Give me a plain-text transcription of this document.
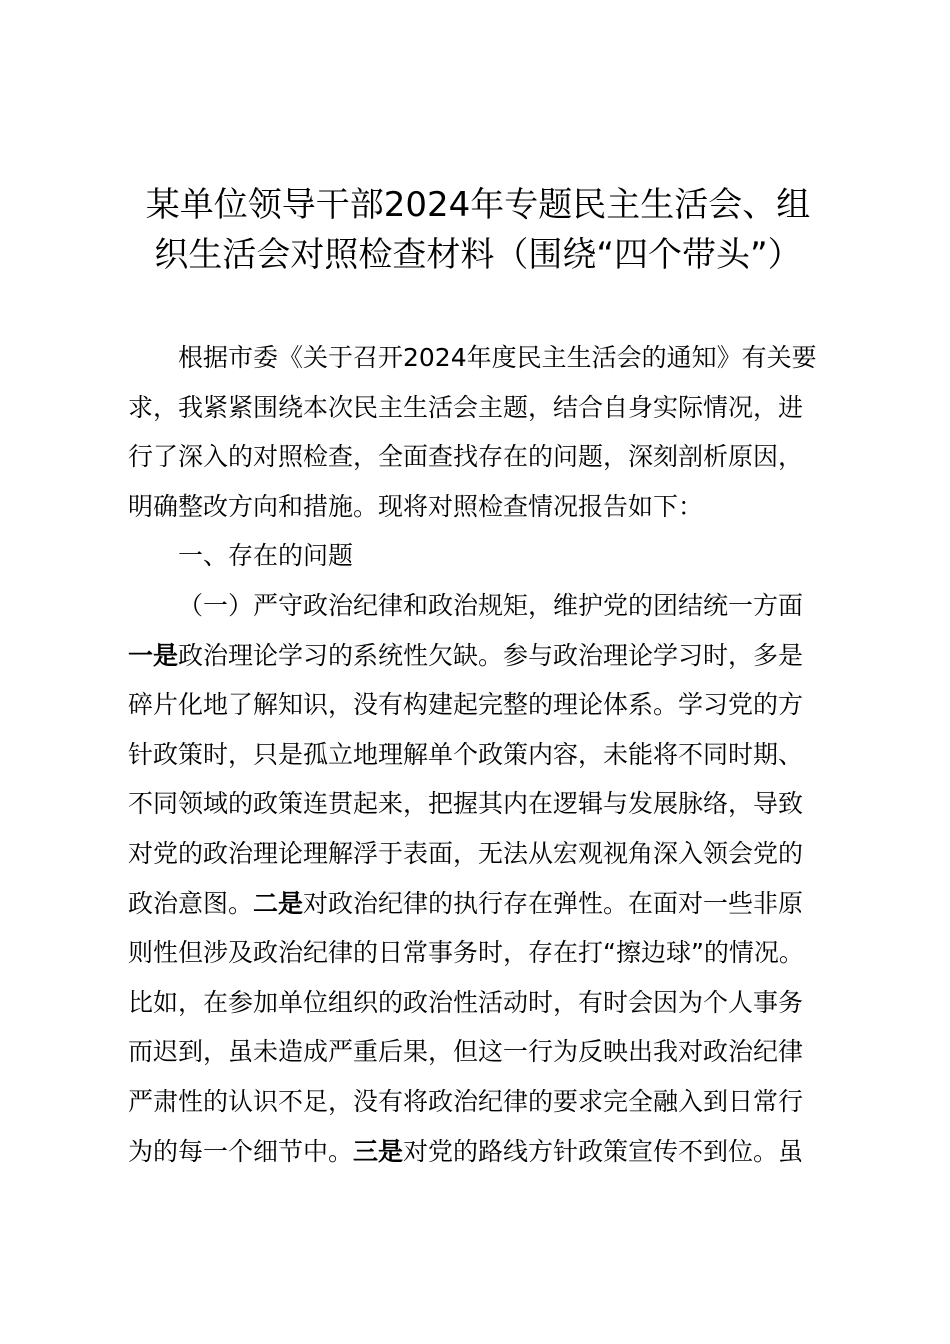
某单位领导干部2024年专题民主生活会、组
织生活会对照检查材料（围绕“四个带头”）
根据市委《关于召开2024年度民主生活会的通知》有关要
求，我紧紧围绕本次民主生活会主题，结合自身实际情况，进
行了深入的对照检查，全面查找存在的问题，深刻剖析原因，
明确整改方向和措施。现将对照检查情况报告如下：
一、存在的问题
（一）严守政治纪律和政治规矩，维护党的团结统一方面
一是政治理论学习的系统性欠缺。参与政治理论学习时，多是
碎片化地了解知识，没有构建起完整的理论体系。学习党的方
针政策时，只是孤立地理解单个政策内容，未能将不同时期、
不同领域的政策连贯起来，把握其内在逻辑与发展脉络，导致
对党的政治理论理解浮于表面，无法从宏观视角深入领会党的
政治意图。二是对政治纪律的执行存在弹性。在面对一些非原
则性但涉及政治纪律的日常事务时，存在打“擦边球”的情况。
比如，在参加单位组织的政治性活动时，有时会因为个人事务
而迟到，虽未造成严重后果，但这一行为反映出我对政治纪律
严肃性的认识不足，没有将政治纪律的要求完全融入到日常行
为的每一个细节中。三是对党的路线方针政策宣传不到位。虽
